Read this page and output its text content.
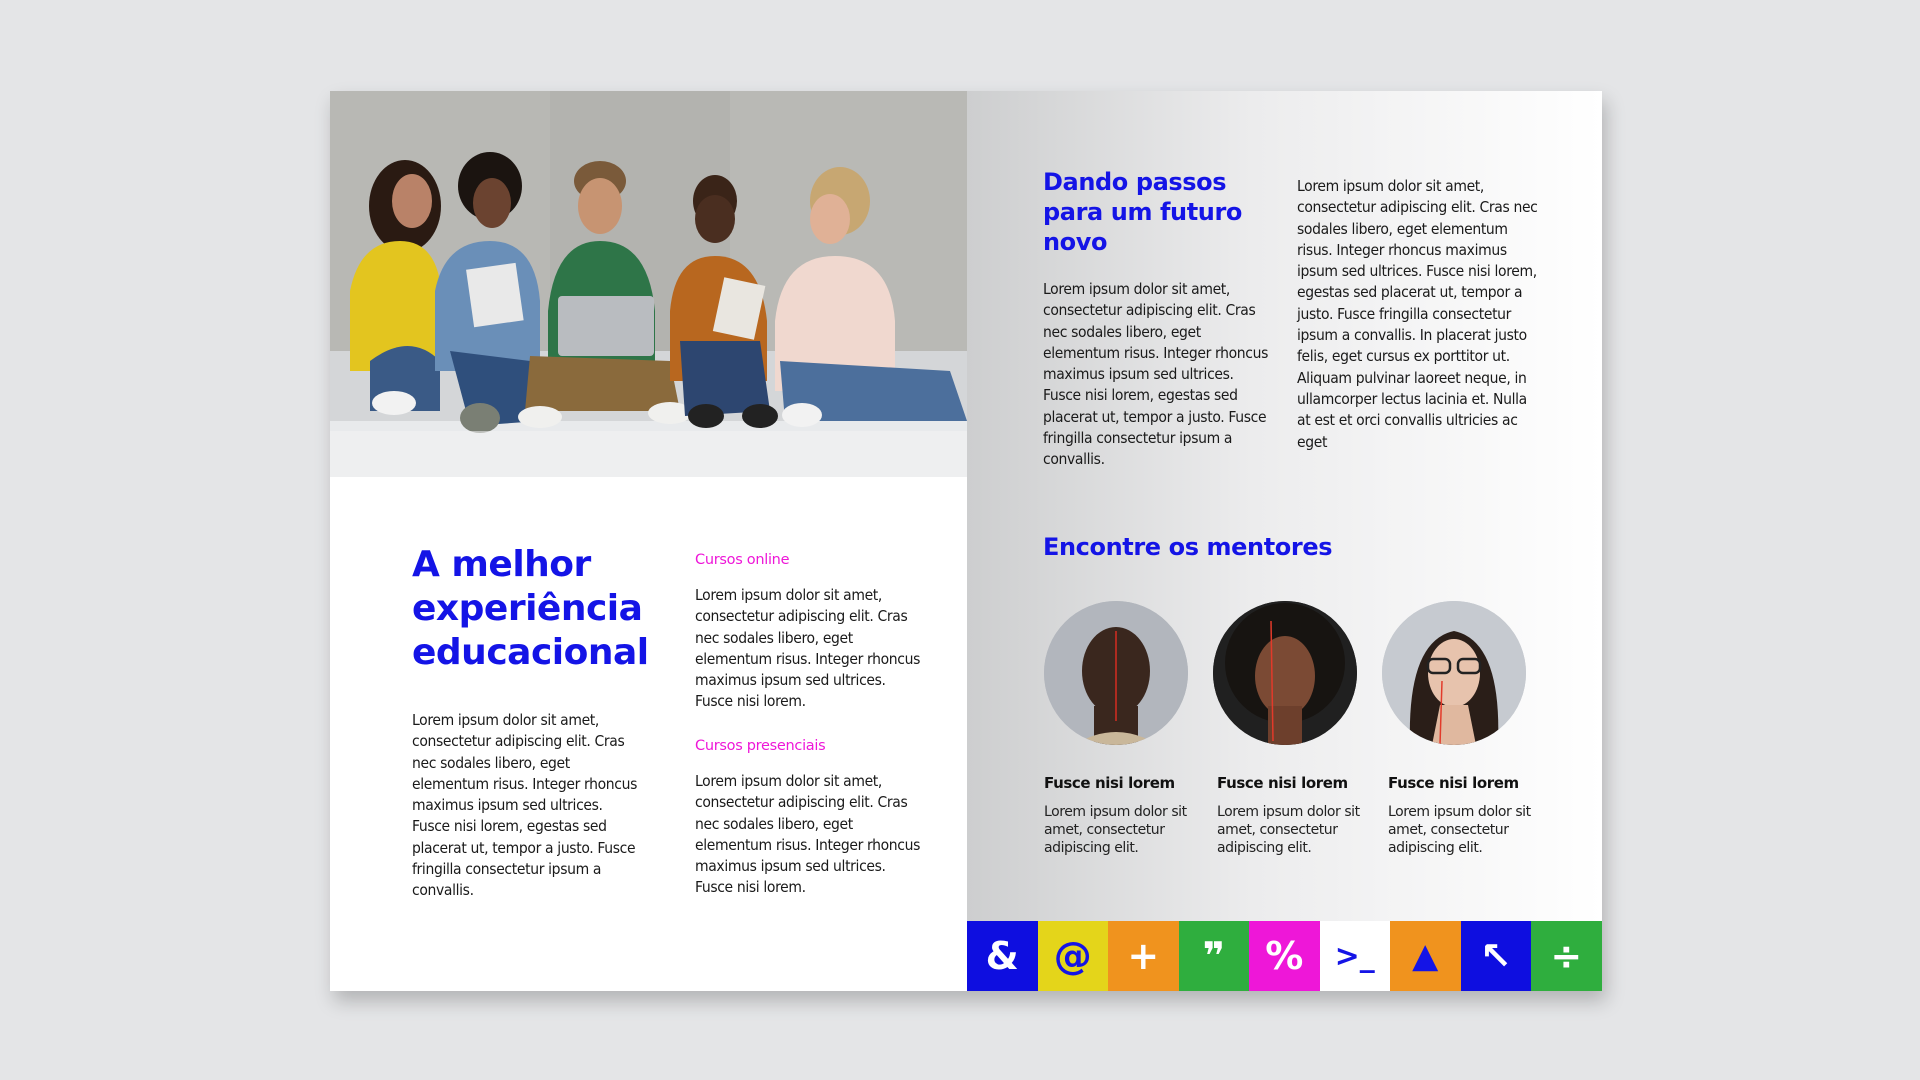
A melhor experiência educacional

Lorem ipsum dolor sit amet, consectetur adipiscing elit. Cras nec sodales libero, eget elementum risus. Integer rhoncus maximus ipsum sed ultrices. Fusce nisi lorem, egestas sed placerat ut, tempor a justo. Fusce fringilla consectetur ipsum a convallis.

Cursos online

Lorem ipsum dolor sit amet, consectetur adipiscing elit. Cras nec sodales libero, eget elementum risus. Integer rhoncus maximus ipsum sed ultrices. Fusce nisi lorem.

Cursos presenciais

Lorem ipsum dolor sit amet, consectetur adipiscing elit. Cras nec sodales libero, eget elementum risus. Integer rhoncus maximus ipsum sed ultrices. Fusce nisi lorem.

Dando passos para um futuro novo

Lorem ipsum dolor sit amet, consectetur adipiscing elit. Cras nec sodales libero, eget elementum risus. Integer rhoncus maximus ipsum sed ultrices. Fusce nisi lorem, egestas sed placerat ut, tempor a justo. Fusce fringilla consectetur ipsum a convallis.

Lorem ipsum dolor sit amet, consectetur adipiscing elit. Cras nec sodales libero, eget elementum risus. Integer rhoncus maximus ipsum sed ultrices. Fusce nisi lorem, egestas sed placerat ut, tempor a justo. Fusce fringilla consectetur ipsum a convallis. In placerat justo felis, eget cursus ex porttitor ut. Aliquam pulvinar laoreet neque, in ullamcorper lectus lacinia et. Nulla at est et orci convallis ultricies ac eget

Encontre os mentores

Fusce nisi lorem

Lorem ipsum dolor sit amet, consectetur adipiscing elit.

Fusce nisi lorem

Lorem ipsum dolor sit amet, consectetur adipiscing elit.

Fusce nisi lorem

Lorem ipsum dolor sit amet, consectetur adipiscing elit.

& @ + ❞ % >_ ▲ ↖ ÷
